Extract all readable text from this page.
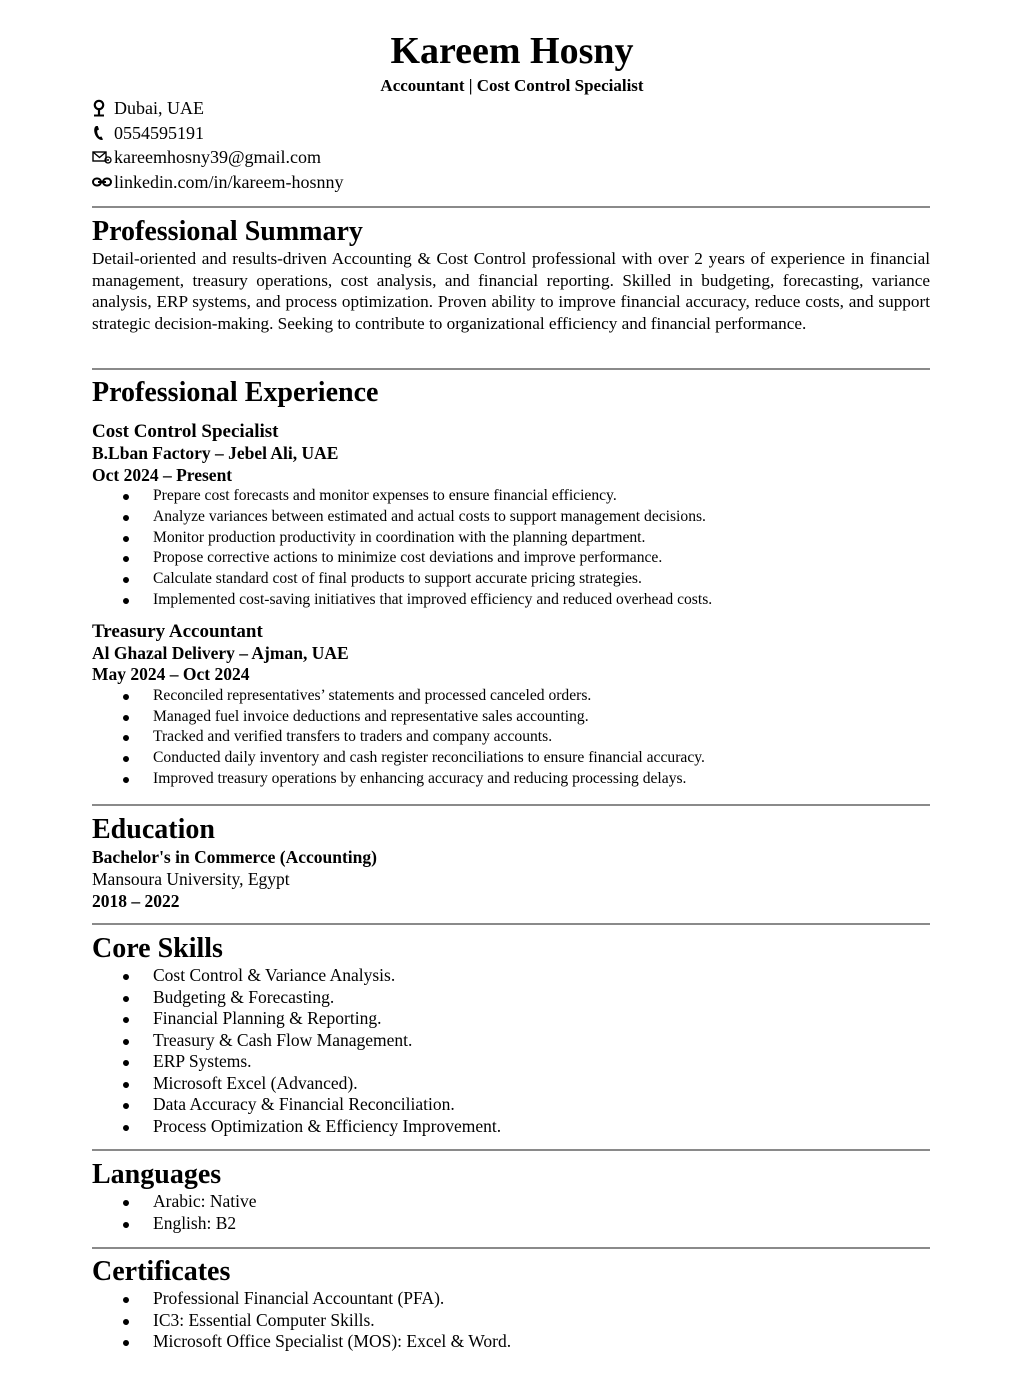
Kareem Hosny
Accountant | Cost Control Specialist
Dubai, UAE
0554595191
kareemhosny39@gmail.com
linkedin.com/in/kareem-hosnny
Professional Summary

Detail-oriented and results-driven Accounting & Cost Control professional with over 2 years of experience in financial management, treasury operations, cost analysis, and financial reporting. Skilled in budgeting, forecasting, variance analysis, ERP systems, and process optimization. Proven ability to improve financial accuracy, reduce costs, and support strategic decision-making. Seeking to contribute to organizational efficiency and financial performance.

Professional Experience
Cost Control Specialist
B.Lban Factory – Jebel Ali, UAE
Oct 2024 – Present
Prepare cost forecasts and monitor expenses to ensure financial efficiency.
Analyze variances between estimated and actual costs to support management decisions.
Monitor production productivity in coordination with the planning department.
Propose corrective actions to minimize cost deviations and improve performance.
Calculate standard cost of final products to support accurate pricing strategies.
Implemented cost-saving initiatives that improved efficiency and reduced overhead costs.
Treasury Accountant
Al Ghazal Delivery – Ajman, UAE
May 2024 – Oct 2024
Reconciled representatives’ statements and processed canceled orders.
Managed fuel invoice deductions and representative sales accounting.
Tracked and verified transfers to traders and company accounts.
Conducted daily inventory and cash register reconciliations to ensure financial accuracy.
Improved treasury operations by enhancing accuracy and reducing processing delays.
Education
Bachelor's in Commerce (Accounting)
Mansoura University, Egypt
2018 – 2022
Core Skills
Cost Control & Variance Analysis.
Budgeting & Forecasting.
Financial Planning & Reporting.
Treasury & Cash Flow Management.
ERP Systems.
Microsoft Excel (Advanced).
Data Accuracy & Financial Reconciliation.
Process Optimization & Efficiency Improvement.
Languages
Arabic: Native
English: B2
Certificates
Professional Financial Accountant (PFA).
IC3: Essential Computer Skills.
Microsoft Office Specialist (MOS): Excel & Word.
